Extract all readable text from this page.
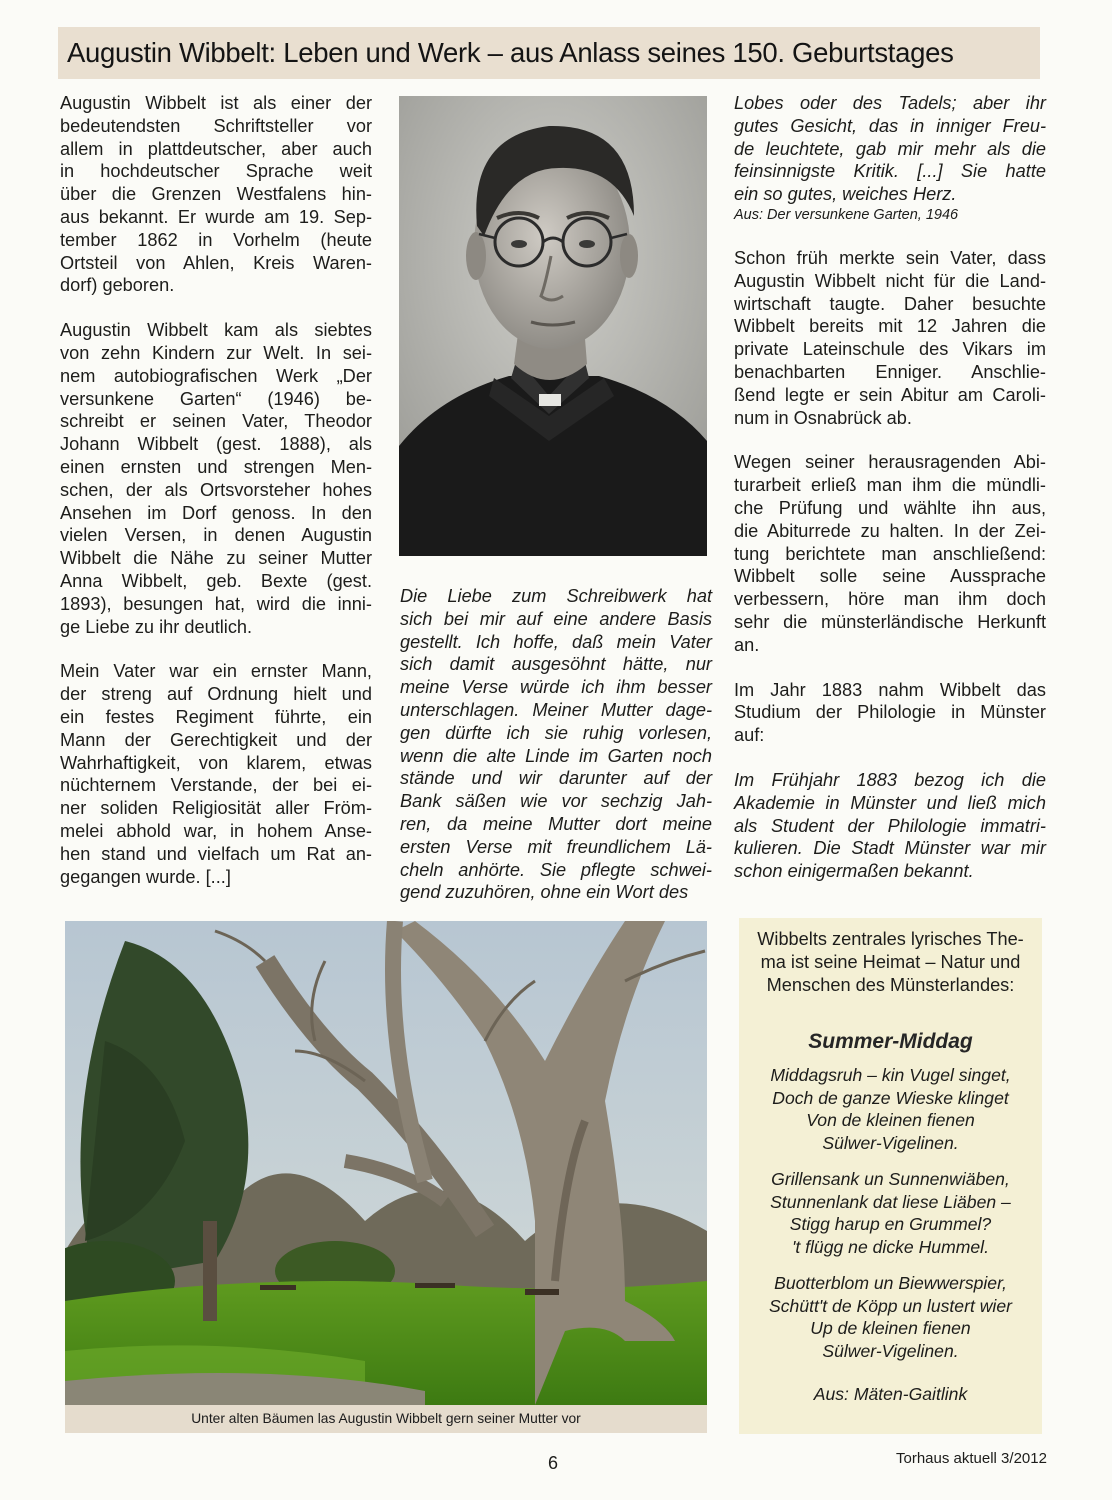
Augustin Wibbelt: Leben und Werk – aus Anlass seines 150. Geburtstages
Augustin Wibbelt ist als einer der
bedeutendsten Schriftsteller vor
allem in plattdeutscher, aber auch
in hochdeutscher Sprache weit
über die Grenzen Westfalens hin-
aus bekannt. Er wurde am 19. Sep-
tember 1862 in Vorhelm (heute
Ortsteil von Ahlen, Kreis Waren-
dorf) geboren.
Augustin Wibbelt kam als siebtes
von zehn Kindern zur Welt. In sei-
nem autobiografischen Werk „Der
versunkene Garten“ (1946) be-
schreibt er seinen Vater, Theodor
Johann Wibbelt (gest. 1888), als
einen ernsten und strengen Men-
schen, der als Ortsvorsteher hohes
Ansehen im Dorf genoss. In den
vielen Versen, in denen Augustin
Wibbelt die Nähe zu seiner Mutter
Anna Wibbelt, geb. Bexte (gest.
1893), besungen hat, wird die inni-
ge Liebe zu ihr deutlich.
Mein Vater war ein ernster Mann,
der streng auf Ordnung hielt und
ein festes Regiment führte, ein
Mann der Gerechtigkeit und der
Wahrhaftigkeit, von klarem, etwas
nüchternem Verstande, der bei ei-
ner soliden Religiosität aller Fröm-
melei abhold war, in hohem Anse-
hen stand und vielfach um Rat an-
gegangen wurde. [...]
Die Liebe zum Schreibwerk hat
sich bei mir auf eine andere Basis
gestellt. Ich hoffe, daß mein Vater
sich damit ausgesöhnt hätte, nur
meine Verse würde ich ihm besser
unterschlagen. Meiner Mutter dage-
gen dürfte ich sie ruhig vorlesen,
wenn die alte Linde im Garten noch
stände und wir darunter auf der
Bank säßen wie vor sechzig Jah-
ren, da meine Mutter dort meine
ersten Verse mit freundlichem Lä-
cheln anhörte. Sie pflegte schwei-
gend zuzuhören, ohne ein Wort des
Lobes oder des Tadels; aber ihr
gutes Gesicht, das in inniger Freu-
de leuchtete, gab mir mehr als die
feinsinnigste Kritik. [...] Sie hatte
ein so gutes, weiches Herz.
Aus: Der versunkene Garten, 1946
Schon früh merkte sein Vater, dass
Augustin Wibbelt nicht für die Land-
wirtschaft taugte. Daher besuchte
Wibbelt bereits mit 12 Jahren die
private Lateinschule des Vikars im
benachbarten Enniger. Anschlie-
ßend legte er sein Abitur am Caroli-
num in Osnabrück ab.
Wegen seiner herausragenden Abi-
turarbeit erließ man ihm die mündli-
che Prüfung und wählte ihn aus,
die Abiturrede zu halten. In der Zei-
tung berichtete man anschließend:
Wibbelt solle seine Aussprache
verbessern, höre man ihm doch
sehr die münsterländische Herkunft
an.
Im Jahr 1883 nahm Wibbelt das
Studium der Philologie in Münster
auf:
Im Frühjahr 1883 bezog ich die
Akademie in Münster und ließ mich
als Student der Philologie immatri-
kulieren. Die Stadt Münster war mir
schon einigermaßen bekannt.
Unter alten Bäumen las Augustin Wibbelt gern seiner Mutter vor
Wibbelts zentrales lyrisches The-
ma ist seine Heimat – Natur und
Menschen des Münsterlandes:
Summer-Middag
Middagsruh – kin Vugel singet,
Doch de ganze Wieske klinget
Von de kleinen fienen
Sülwer-Vigelinen.
Grillensank un Sunnenwiäben,
Stunnenlank dat liese Liäben –
Stigg harup en Grummel?
't flügg ne dicke Hummel.
Buotterblom un Biewwerspier,
Schütt't de Köpp un lustert wier
Up de kleinen fienen
Sülwer-Vigelinen.
Aus: Mäten-Gaitlink
6	Torhaus aktuell 3/2012
